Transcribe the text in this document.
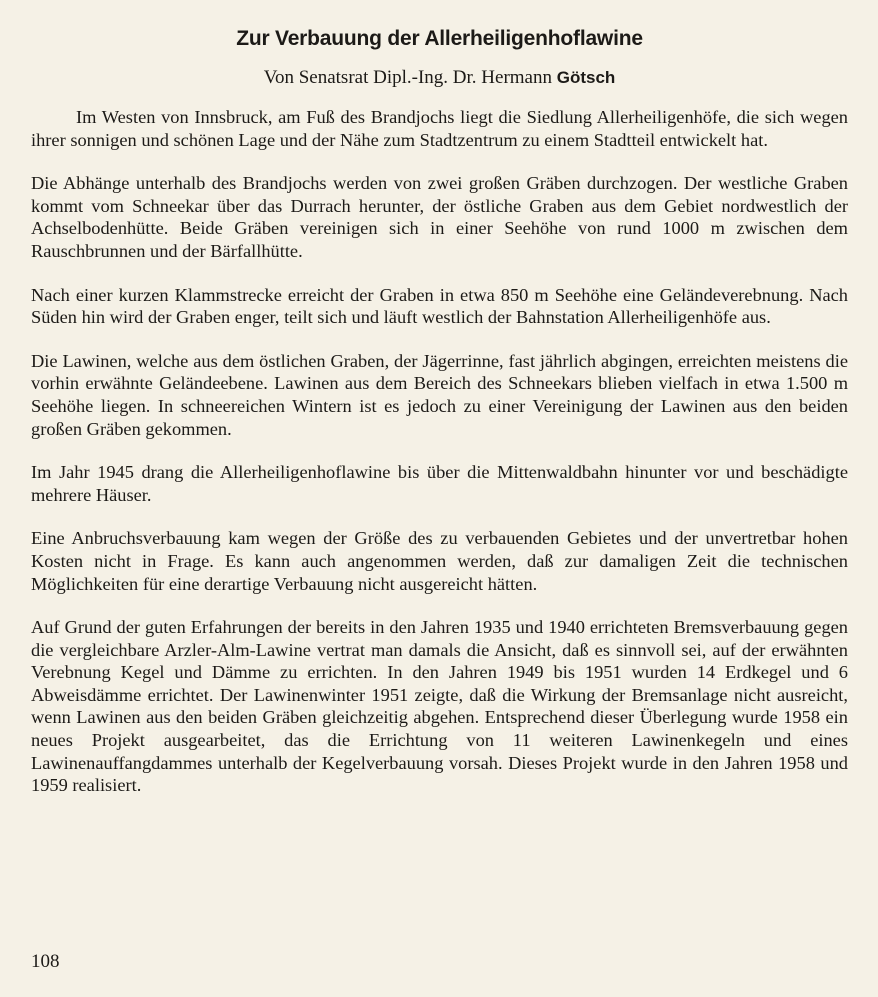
Zur Verbauung der Allerheiligenhoflawine

Von Senatsrat Dipl.-Ing. Dr. Hermann Götsch

Im Westen von Innsbruck, am Fuß des Brandjochs liegt die Siedlung Allerheiligenhöfe, die sich wegen ihrer sonnigen und schönen Lage und der Nähe zum Stadtzentrum zu einem Stadtteil entwickelt hat.

Die Abhänge unterhalb des Brandjochs werden von zwei großen Gräben durchzogen. Der westliche Graben kommt vom Schneekar über das Durrach herunter, der östliche Graben aus dem Gebiet nordwestlich der Achselbodenhütte. Beide Gräben vereinigen sich in einer Seehöhe von rund 1000 m zwischen dem Rauschbrunnen und der Bärfallhütte.

Nach einer kurzen Klammstrecke erreicht der Graben in etwa 850 m Seehöhe eine Geländeverebnung. Nach Süden hin wird der Graben enger, teilt sich und läuft westlich der Bahnstation Allerheiligenhöfe aus.

Die Lawinen, welche aus dem östlichen Graben, der Jägerrinne, fast jährlich abgingen, erreichten meistens die vorhin erwähnte Geländeebene. Lawinen aus dem Bereich des Schneekars blieben vielfach in etwa 1.500 m Seehöhe liegen. In schneereichen Wintern ist es jedoch zu einer Vereinigung der Lawinen aus den beiden großen Gräben gekommen.

Im Jahr 1945 drang die Allerheiligenhoflawine bis über die Mittenwaldbahn hinunter vor und beschädigte mehrere Häuser.

Eine Anbruchsverbauung kam wegen der Größe des zu verbauenden Gebietes und der unvertretbar hohen Kosten nicht in Frage. Es kann auch angenommen werden, daß zur damaligen Zeit die technischen Möglichkeiten für eine derartige Verbauung nicht ausgereicht hätten.

Auf Grund der guten Erfahrungen der bereits in den Jahren 1935 und 1940 errichteten Bremsverbauung gegen die vergleichbare Arzler-Alm-Lawine vertrat man damals die Ansicht, daß es sinnvoll sei, auf der erwähnten Verebnung Kegel und Dämme zu errichten. In den Jahren 1949 bis 1951 wurden 14 Erdkegel und 6 Abweisdämme errichtet. Der Lawinenwinter 1951 zeigte, daß die Wirkung der Bremsanlage nicht ausreicht, wenn Lawinen aus den beiden Gräben gleichzeitig abgehen. Entsprechend dieser Überlegung wurde 1958 ein neues Projekt ausgearbeitet, das die Errichtung von 11 weiteren Lawinenkegeln und eines Lawinenauffangdammes unterhalb der Kegelverbauung vorsah. Dieses Projekt wurde in den Jahren 1958 und 1959 realisiert.

108
